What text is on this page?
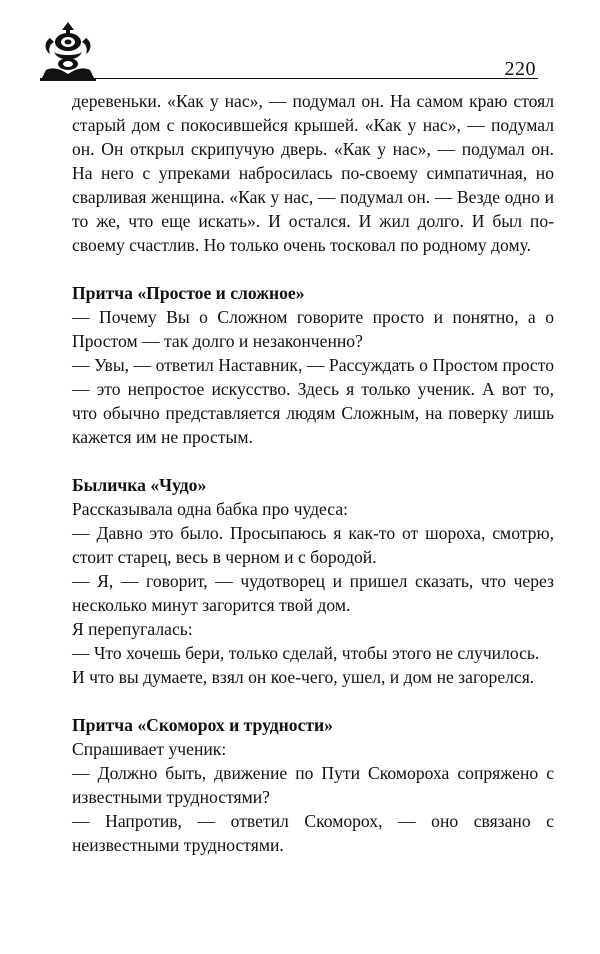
220

деревеньки. «Как у нас», — подумал он. На самом краю стоял старый дом с покосившейся крышей. «Как у нас», — подумал он. Он открыл скрипучую дверь. «Как у нас», — подумал он. На него с упреками набросилась по-своему симпатичная, но сварливая женщина. «Как у нас, — подумал он. — Везде одно и то же, что еще искать». И остался. И жил долго. И был по-своему счастлив. Но только очень тосковал по родному дому.

Притча «Простое и сложное»

— Почему Вы о Сложном говорите просто и понятно, а о Простом — так долго и незаконченно?

— Увы, — ответил Наставник, — Рассуждать о Простом просто — это непростое искусство. Здесь я только ученик. А вот то, что обычно представляется людям Сложным, на поверку лишь кажется им не простым.

Быличка «Чудо»

Рассказывала одна бабка про чудеса:

— Давно это было. Просыпаюсь я как-то от шороха, смотрю, стоит старец, весь в черном и с бородой.

— Я, — говорит, — чудотворец и пришел сказать, что через несколько минут загорится твой дом.

Я перепугалась:

— Что хочешь бери, только сделай, чтобы этого не случилось.

И что вы думаете, взял он кое-чего, ушел, и дом не загорелся.

Притча «Скоморох и трудности»

Спрашивает ученик:

— Должно быть, движение по Пути Скомороха сопряжено с известными трудностями?

— Напротив, — ответил Скоморох, — оно связано с неизвестными трудностями.
